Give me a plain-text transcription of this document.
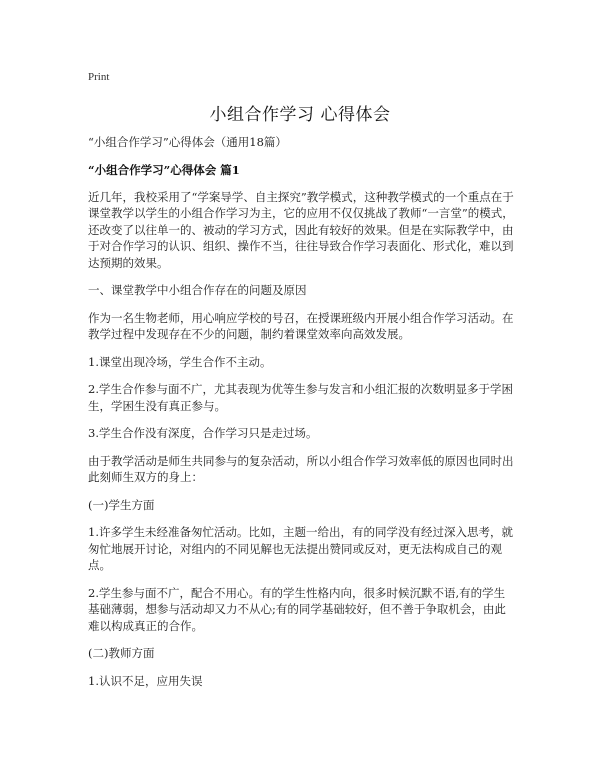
Print
小组合作学习 心得体会

“小组合作学习”心得体会（通用18篇）

“小组合作学习”心得体会 篇1

近几年，我校采用了“学案导学、自主探究”教学模式，这种教学模式的一个重点在于课堂教学以学生的小组合作学习为主，它的应用不仅仅挑战了教师“一言堂”的模式，还改变了以往单一的、被动的学习方式，因此有较好的效果。但是在实际教学中，由于对合作学习的认识、组织、操作不当，往往导致合作学习表面化、形式化，难以到达预期的效果。

一、课堂教学中小组合作存在的问题及原因

作为一名生物老师，用心响应学校的号召，在授课班级内开展小组合作学习活动。在教学过程中发现存在不少的问题，制约着课堂效率向高效发展。

1.课堂出现冷场，学生合作不主动。

2.学生合作参与面不广，尤其表现为优等生参与发言和小组汇报的次数明显多于学困生，学困生没有真正参与。

3.学生合作没有深度，合作学习只是走过场。

由于教学活动是师生共同参与的复杂活动，所以小组合作学习效率低的原因也同时出此刻师生双方的身上：

(一)学生方面

1.许多学生未经准备匆忙活动。比如，主题一给出，有的同学没有经过深入思考，就匆忙地展开讨论，对组内的不同见解也无法提出赞同或反对，更无法构成自己的观点。

2.学生参与面不广，配合不用心。有的学生性格内向，很多时候沉默不语,有的学生基础薄弱，想参与活动却又力不从心;有的同学基础较好，但不善于争取机会，由此难以构成真正的合作。

(二)教师方面

1.认识不足，应用失误
